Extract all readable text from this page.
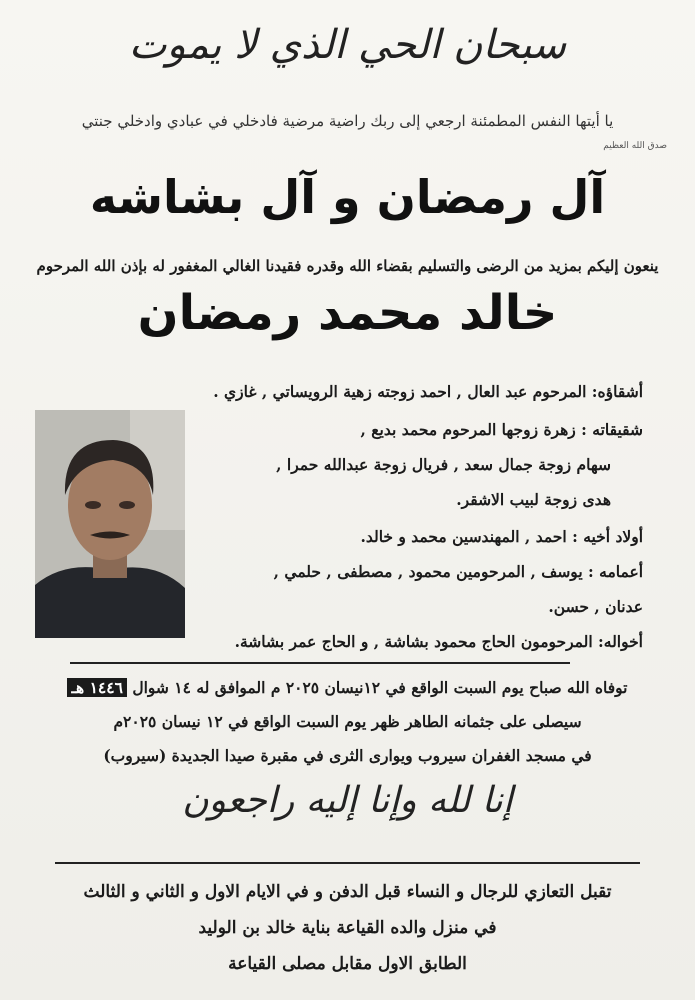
سبحان الحي الذي لا يموت
يا أيتها النفس المطمئنة ارجعي إلى ربك راضية مرضية فادخلي في عبادي وادخلي جنتي
صدق الله العظيم
آل رمضان و آل بشاشه
ينعون إليكم بمزيد من الرضى والتسليم بقضاء الله وقدره فقيدنا الغالي المغفور له بإذن الله المرحوم
خالد محمد رمضان
أشقاؤه: المرحوم عبد العال , احمد زوجته زهية الرويساتي , غازي .
شقيقاته : زهرة زوجها المرحوم محمد بديع ,
سهام زوجة جمال سعد , فريال زوجة عبدالله حمرا ,
هدى زوجة لبيب الاشقر.
أولاد أخيه : احمد , المهندسين محمد و خالد.
أعمامه : يوسف , المرحومين محمود , مصطفى , حلمي ,
عدنان , حسن.
أخواله: المرحومون الحاج محمود بشاشة , و الحاج عمر بشاشة.
توفاه الله صباح يوم السبت الواقع في ١٢نيسان ٢٠٢٥ م الموافق له ١٤ شوال ١٤٤٦ هـ
سيصلى على جثمانه الطاهر ظهر يوم السبت الواقع في ١٢ نيسان ٢٠٢٥م
في مسجد الغفران سيروب ويوارى الثرى في مقبرة صيدا الجديدة (سيروب)
إنا لله وإنا إليه راجعون
تقبل التعازي للرجال و النساء قبل الدفن و في الايام الاول و الثاني و الثالث
في منزل والده القياعة بناية خالد بن الوليد
الطابق الاول مقابل مصلى القياعة
